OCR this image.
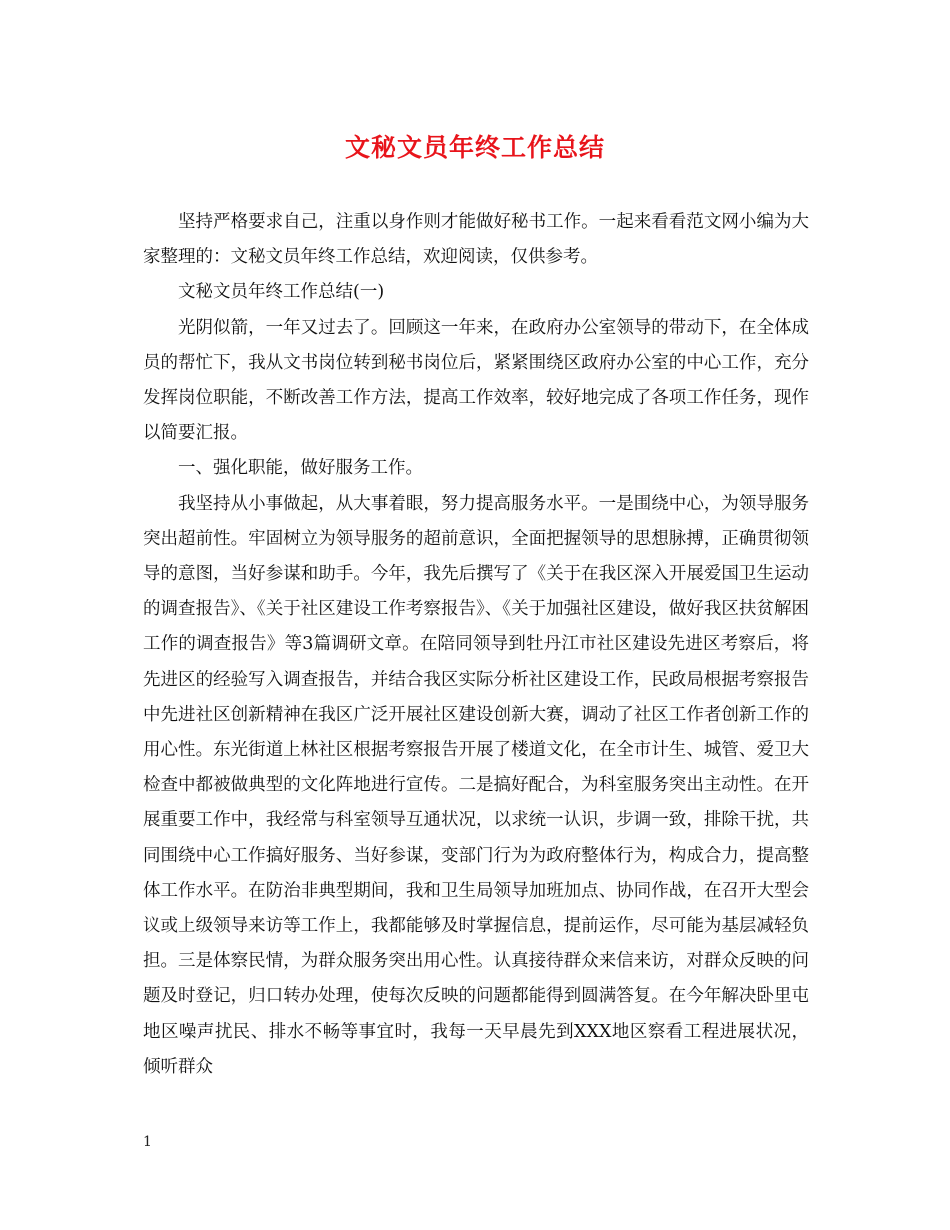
文秘文员年终工作总结

坚持严格要求自己，注重以身作则才能做好秘书工作。一起来看看范文网小编为大家整理的：文秘文员年终工作总结，欢迎阅读，仅供参考。

文秘文员年终工作总结(一)

光阴似箭，一年又过去了。回顾这一年来，在政府办公室领导的带动下，在全体成员的帮忙下，我从文书岗位转到秘书岗位后，紧紧围绕区政府办公室的中心工作，充分发挥岗位职能，不断改善工作方法，提高工作效率，较好地完成了各项工作任务，现作以简要汇报。

一、强化职能，做好服务工作。

我坚持从小事做起，从大事着眼，努力提高服务水平。一是围绕中心，为领导服务突出超前性。牢固树立为领导服务的超前意识，全面把握领导的思想脉搏，正确贯彻领导的意图，当好参谋和助手。今年，我先后撰写了《关于在我区深入开展爱国卫生运动的调查报告》、《关于社区建设工作考察报告》、《关于加强社区建设，做好我区扶贫解困工作的调查报告》等3篇调研文章。在陪同领导到牡丹江市社区建设先进区考察后，将先进区的经验写入调查报告，并结合我区实际分析社区建设工作，民政局根据考察报告中先进社区创新精神在我区广泛开展社区建设创新大赛，调动了社区工作者创新工作的用心性。东光街道上林社区根据考察报告开展了楼道文化，在全市计生、城管、爱卫大检查中都被做典型的文化阵地进行宣传。二是搞好配合，为科室服务突出主动性。在开展重要工作中，我经常与科室领导互通状况，以求统一认识，步调一致，排除干扰，共同围绕中心工作搞好服务、当好参谋，变部门行为为政府整体行为，构成合力，提高整体工作水平。在防治非典型期间，我和卫生局领导加班加点、协同作战，在召开大型会议或上级领导来访等工作上，我都能够及时掌握信息，提前运作，尽可能为基层减轻负担。三是体察民情，为群众服务突出用心性。认真接待群众来信来访，对群众反映的问题及时登记，归口转办处理，使每次反映的问题都能得到圆满答复。在今年解决卧里屯地区噪声扰民、排水不畅等事宜时，我每一天早晨先到XXX地区察看工程进展状况，倾听群众

1
